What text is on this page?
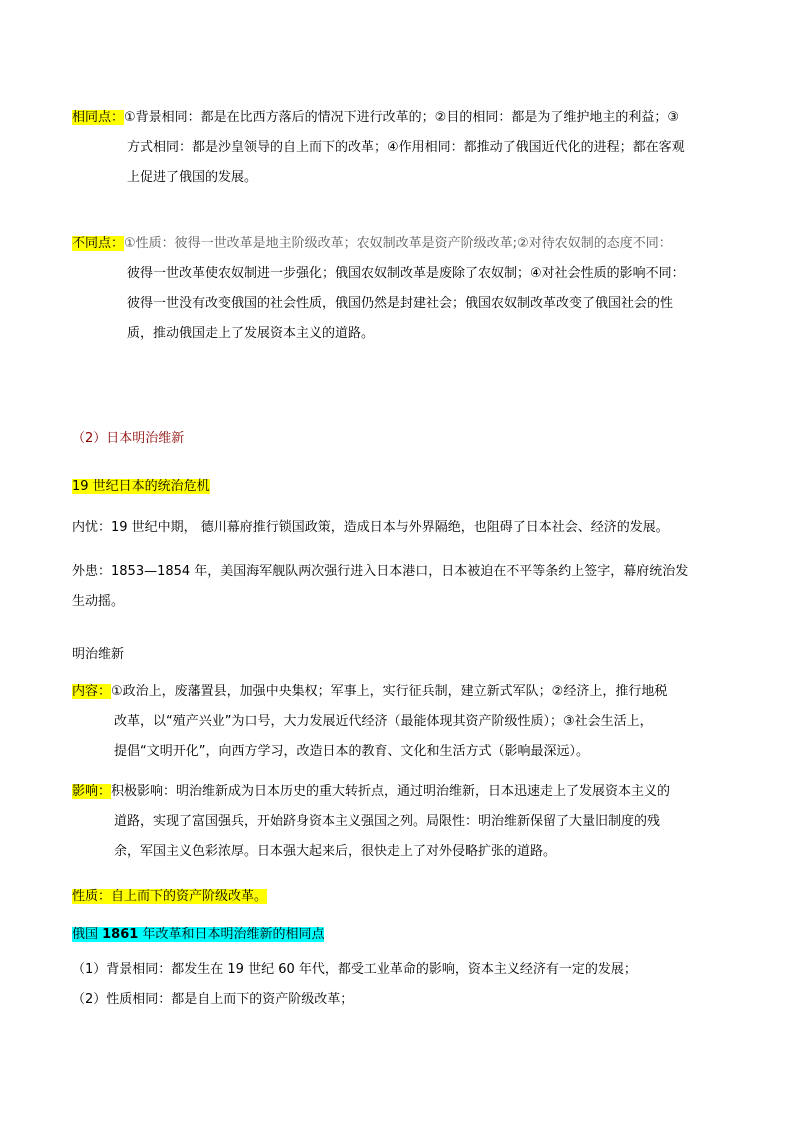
相同点：①背景相同：都是在比西方落后的情况下进行改革的；②目的相同：都是为了维护地主的利益；③
方式相同：都是沙皇领导的自上而下的改革；④作用相同：都推动了俄国近代化的进程；都在客观
上促进了俄国的发展。
不同点：①性质：彼得一世改革是地主阶级改革；农奴制改革是资产阶级改革;②对待农奴制的态度不同：
彼得一世改革使农奴制进一步强化；俄国农奴制改革是废除了农奴制；④对社会性质的影响不同：
彼得一世没有改变俄国的社会性质，俄国仍然是封建社会；俄国农奴制改革改变了俄国社会的性
质，推动俄国走上了发展资本主义的道路。
（2）日本明治维新
19 世纪日本的统治危机
内忧：19 世纪中期， 德川幕府推行锁国政策，造成日本与外界隔绝，也阻碍了日本社会、经济的发展。
外患：1853—1854 年，美国海军舰队两次强行进入日本港口，日本被迫在不平等条约上签字，幕府统治发
生动摇。
明治维新
内容：①政治上，废藩置县，加强中央集权；军事上，实行征兵制，建立新式军队；②经济上，推行地税
改革，以“殖产兴业”为口号，大力发展近代经济（最能体现其资产阶级性质）；③社会生活上，
提倡“文明开化”，向西方学习，改造日本的教育、文化和生活方式（影响最深远）。
影响：积极影响：明治维新成为日本历史的重大转折点，通过明治维新，日本迅速走上了发展资本主义的
道路，实现了富国强兵，开始跻身资本主义强国之列。局限性：明治维新保留了大量旧制度的残
余，军国主义色彩浓厚。日本强大起来后，很快走上了对外侵略扩张的道路。
性质：自上而下的资产阶级改革。
俄国 1861 年改革和日本明治维新的相同点
（1）背景相同：都发生在 19 世纪 60 年代，都受工业革命的影响，资本主义经济有一定的发展；
（2）性质相同：都是自上而下的资产阶级改革；
